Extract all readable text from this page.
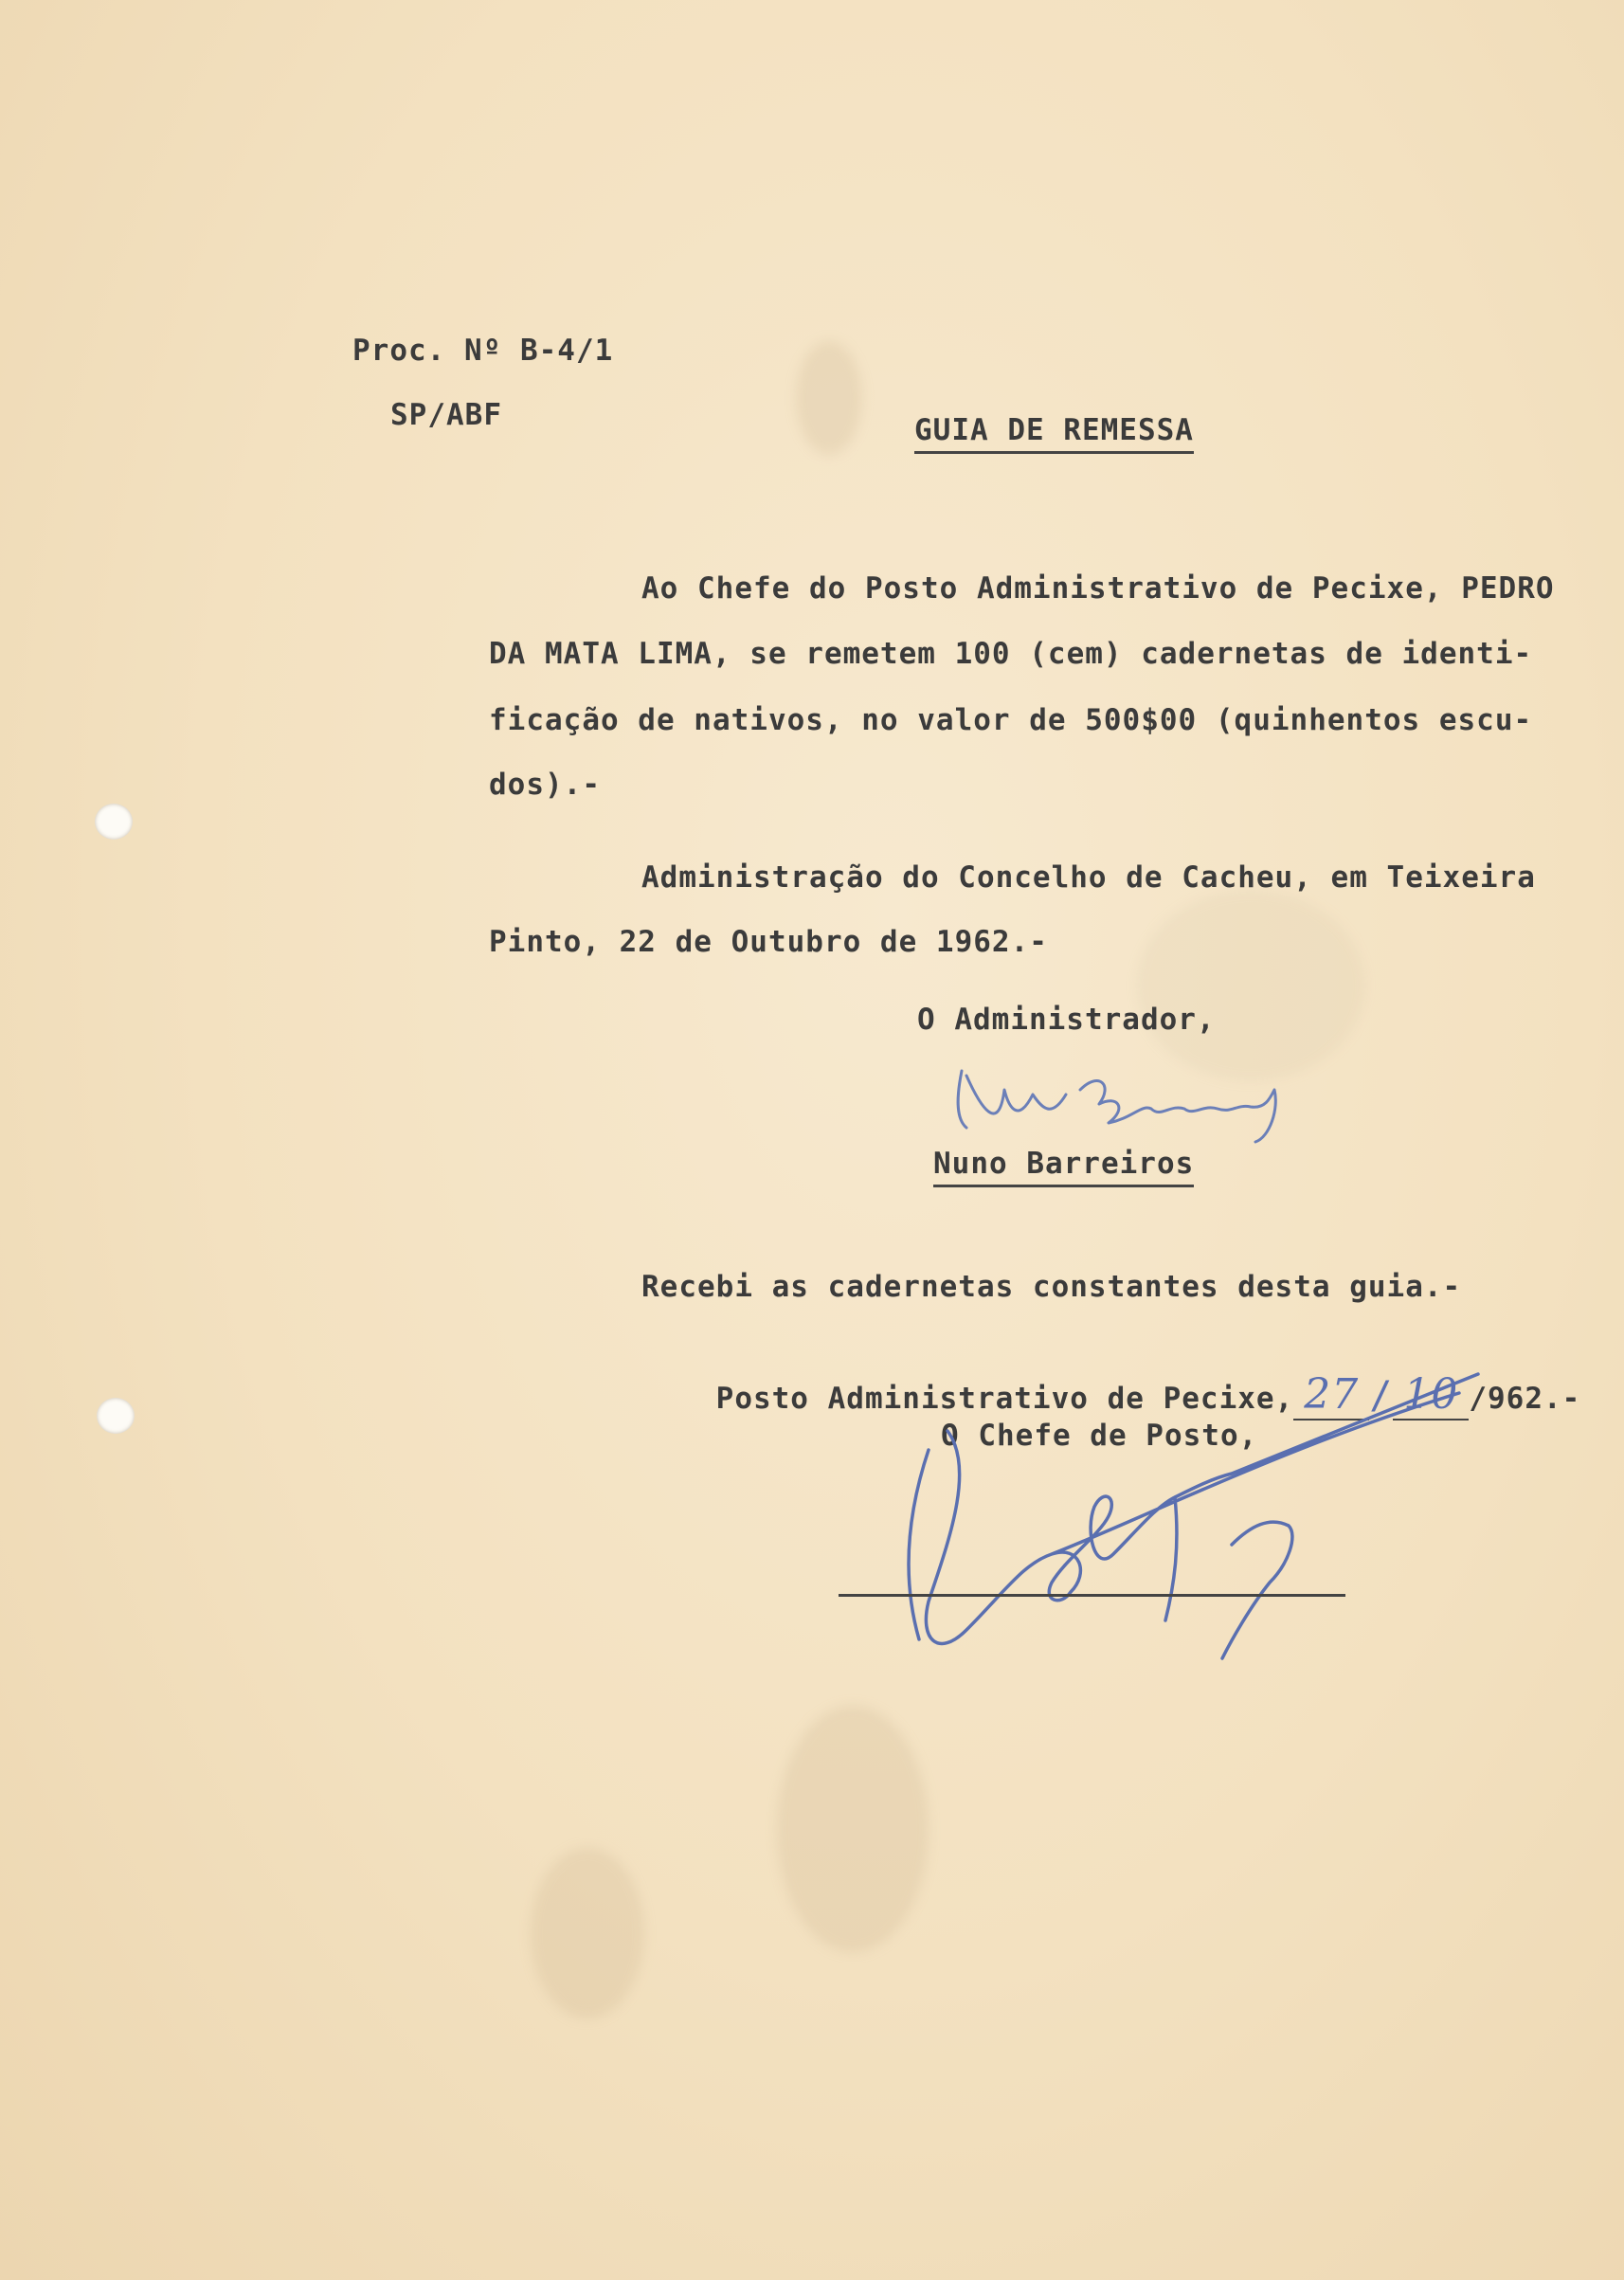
Proc. Nº B-4/1
SP/ABF	GUIA DE REMESSA
Ao Chefe do Posto Administrativo de Pecixe, PEDRO
DA MATA LIMA, se remetem 100 (cem) cadernetas de identi-
ficação de nativos, no valor de 500$00 (quinhentos escu-
dos).-
Administração do Concelho de Cacheu, em Teixeira
Pinto, 22 de Outubro de 1962.-
O Administrador,
Nuno Barreiros
Recebi as cadernetas constantes desta guia.-

Posto Administrativo de Pecixe, 27 / 10 /962.-

O Chefe de Posto,
